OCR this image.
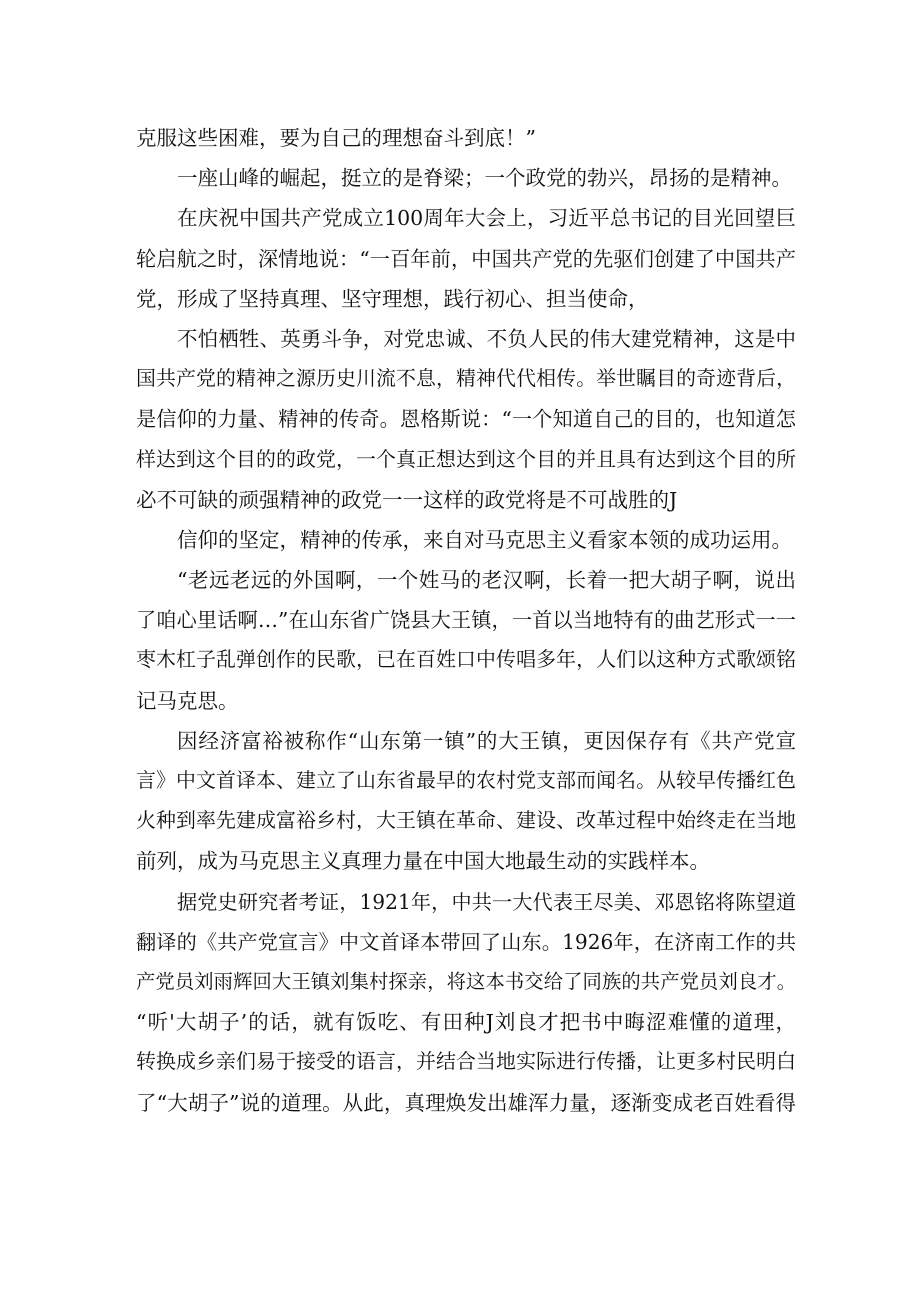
克服这些困难，要为自己的理想奋斗到底！”
一座山峰的崛起，挺立的是脊梁；一个政党的勃兴，昂扬的是精神。
在庆祝中国共产党成立100周年大会上，习近平总书记的目光回望巨
轮启航之时，深情地说：“一百年前，中国共产党的先驱们创建了中国共产
党，形成了坚持真理、坚守理想，践行初心、担当使命，
不怕栖牲、英勇斗争，对党忠诚、不负人民的伟大建党精神，这是中
国共产党的精神之源历史川流不息，精神代代相传。举世瞩目的奇迹背后，
是信仰的力量、精神的传奇。恩格斯说：“一个知道自己的目的，也知道怎
样达到这个目的的政党，一个真正想达到这个目的并且具有达到这个目的所
必不可缺的顽强精神的政党一一这样的政党将是不可战胜的J
信仰的坚定，精神的传承，来自对马克思主义看家本领的成功运用。
“老远老远的外国啊，一个姓马的老汉啊，长着一把大胡子啊，说出
了咱心里话啊…”在山东省广饶县大王镇，一首以当地特有的曲艺形式一一
枣木杠子乱弹创作的民歌，已在百姓口中传唱多年，人们以这种方式歌颂铭
记马克思。
因经济富裕被称作“山东第一镇”的大王镇，更因保存有《共产党宣
言》中文首译本、建立了山东省最早的农村党支部而闻名。从较早传播红色
火种到率先建成富裕乡村，大王镇在革命、建设、改革过程中始终走在当地
前列，成为马克思主义真理力量在中国大地最生动的实践样本。
据党史研究者考证，1921年，中共一大代表王尽美、邓恩铭将陈望道
翻译的《共产党宣言》中文首译本带回了山东。1926年，在济南工作的共
产党员刘雨辉回大王镇刘集村探亲，将这本书交给了同族的共产党员刘良才。
“听'大胡子’的话，就有饭吃、有田种J刘良才把书中晦涩难懂的道理，
转换成乡亲们易于接受的语言，并结合当地实际进行传播，让更多村民明白
了“大胡子”说的道理。从此，真理焕发出雄浑力量，逐渐变成老百姓看得
